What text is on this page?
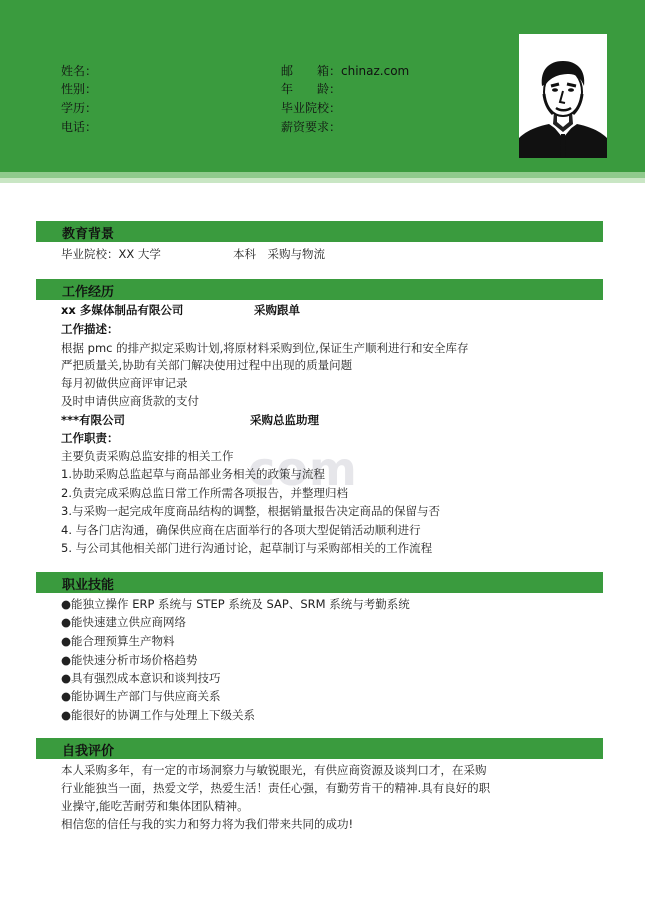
姓名：
性别：
学历：
电话：
邮　　箱：chinaz.com
年　　龄：
毕业院校：
薪资要求：
com
教育背景
毕业院校：XX 大学	本科　采购与物流
工作经历
xx 多媒体制品有限公司	采购跟单
工作描述：
根据 pmc 的排产拟定采购计划,将原材料采购到位,保证生产顺利进行和安全库存
严把质量关,协助有关部门解决使用过程中出现的质量问题
每月初做供应商评审记录
及时申请供应商货款的支付
***有限公司	采购总监助理
工作职责：
主要负责采购总监安排的相关工作
1.协助采购总监起草与商品部业务相关的政策与流程
2.负责完成采购总监日常工作所需各项报告，并整理归档
3.与采购一起完成年度商品结构的调整，根据销量报告决定商品的保留与否
4. 与各门店沟通，确保供应商在店面举行的各项大型促销活动顺利进行
5. 与公司其他相关部门进行沟通讨论，起草制订与采购部相关的工作流程
职业技能
●能独立操作 ERP 系统与 STEP 系统及 SAP、SRM 系统与考勤系统
●能快速建立供应商网络
●能合理预算生产物料
●能快速分析市场价格趋势
●具有强烈成本意识和谈判技巧
●能协调生产部门与供应商关系
●能很好的协调工作与处理上下级关系
自我评价
本人采购多年，有一定的市场洞察力与敏锐眼光，有供应商资源及谈判口才，在采购
行业能独当一面，热爱文学，热爱生活！责任心强，有勤劳肯干的精神.具有良好的职
业操守,能吃苦耐劳和集体团队精神。
相信您的信任与我的实力和努力将为我们带来共同的成功!
